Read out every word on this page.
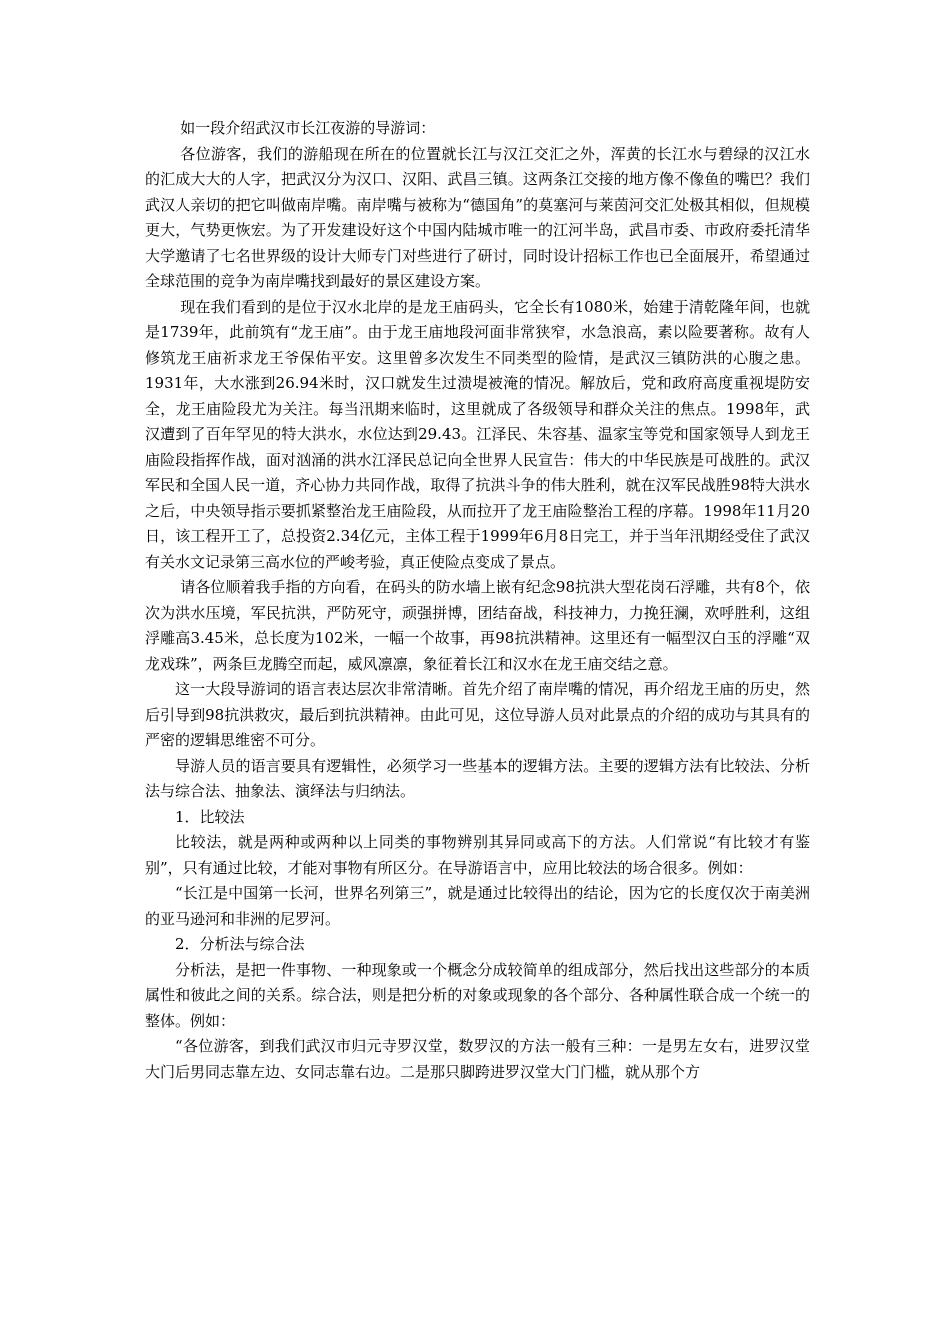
如一段介绍武汉市长江夜游的导游词：

各位游客，我们的游船现在所在的位置就长江与汉江交汇之外，浑黄的长江水与碧绿的汉江水的汇成大大的人字，把武汉分为汉口、汉阳、武昌三镇。这两条江交接的地方像不像鱼的嘴巴？我们武汉人亲切的把它叫做南岸嘴。南岸嘴与被称为“德国角”的莫塞河与莱茵河交汇处极其相似，但规模更大，气势更恢宏。为了开发建设好这个中国内陆城市唯一的江河半岛，武昌市委、市政府委托清华大学邀请了七名世界级的设计大师专门对些进行了研讨，同时设计招标工作也已全面展开，希望通过全球范围的竞争为南岸嘴找到最好的景区建设方案。

现在我们看到的是位于汉水北岸的是龙王庙码头，它全长有1080米，始建于清乾隆年间，也就是1739年，此前筑有“龙王庙”。由于龙王庙地段河面非常狭窄，水急浪高，素以险要著称。故有人修筑龙王庙祈求龙王爷保佑平安。这里曾多次发生不同类型的险情，是武汉三镇防洪的心腹之患。1931年，大水涨到26.94米时，汉口就发生过溃堤被淹的情况。解放后，党和政府高度重视堤防安全，龙王庙险段尤为关注。每当汛期来临时，这里就成了各级领导和群众关注的焦点。1998年，武汉遭到了百年罕见的特大洪水，水位达到29.43。江泽民、朱容基、温家宝等党和国家领导人到龙王庙险段指挥作战，面对汹涌的洪水江泽民总记向全世界人民宣告：伟大的中华民族是可战胜的。武汉军民和全国人民一道，齐心协力共同作战，取得了抗洪斗争的伟大胜利，就在汉军民战胜98特大洪水之后，中央领导指示要抓紧整治龙王庙险段，从而拉开了龙王庙险整治工程的序幕。1998年11月20日，该工程开工了，总投资2.34亿元，主体工程于1999年6月8日完工，并于当年汛期经受住了武汉有关水文记录第三高水位的严峻考验，真正使险点变成了景点。

请各位顺着我手指的方向看，在码头的防水墙上嵌有纪念98抗洪大型花岗石浮雕，共有8个，依次为洪水压境，军民抗洪，严防死守，顽强拼博，团结奋战，科技神力，力挽狂澜，欢呼胜利，这组浮雕高3.45米，总长度为102米，一幅一个故事，再98抗洪精神。这里还有一幅型汉白玉的浮雕“双龙戏珠”，两条巨龙腾空而起，威风凛凛，象征着长江和汉水在龙王庙交结之意。

这一大段导游词的语言表达层次非常清晰。首先介绍了南岸嘴的情况，再介绍龙王庙的历史，然后引导到98抗洪救灾，最后到抗洪精神。由此可见，这位导游人员对此景点的介绍的成功与其具有的严密的逻辑思维密不可分。

导游人员的语言要具有逻辑性，必须学习一些基本的逻辑方法。主要的逻辑方法有比较法、分析法与综合法、抽象法、演绎法与归纳法。

1．比较法

比较法，就是两种或两种以上同类的事物辨别其异同或高下的方法。人们常说“有比较才有鉴别”，只有通过比较，才能对事物有所区分。在导游语言中，应用比较法的场合很多。例如：

“长江是中国第一长河，世界名列第三”，就是通过比较得出的结论，因为它的长度仅次于南美洲的亚马逊河和非洲的尼罗河。

2．分析法与综合法

分析法，是把一件事物、一种现象或一个概念分成较简单的组成部分，然后找出这些部分的本质属性和彼此之间的关系。综合法，则是把分析的对象或现象的各个部分、各种属性联合成一个统一的整体。例如：

“各位游客，到我们武汉市归元寺罗汉堂，数罗汉的方法一般有三种：一是男左女右，进罗汉堂大门后男同志靠左边、女同志靠右边。二是那只脚跨进罗汉堂大门门槛，就从那个方
